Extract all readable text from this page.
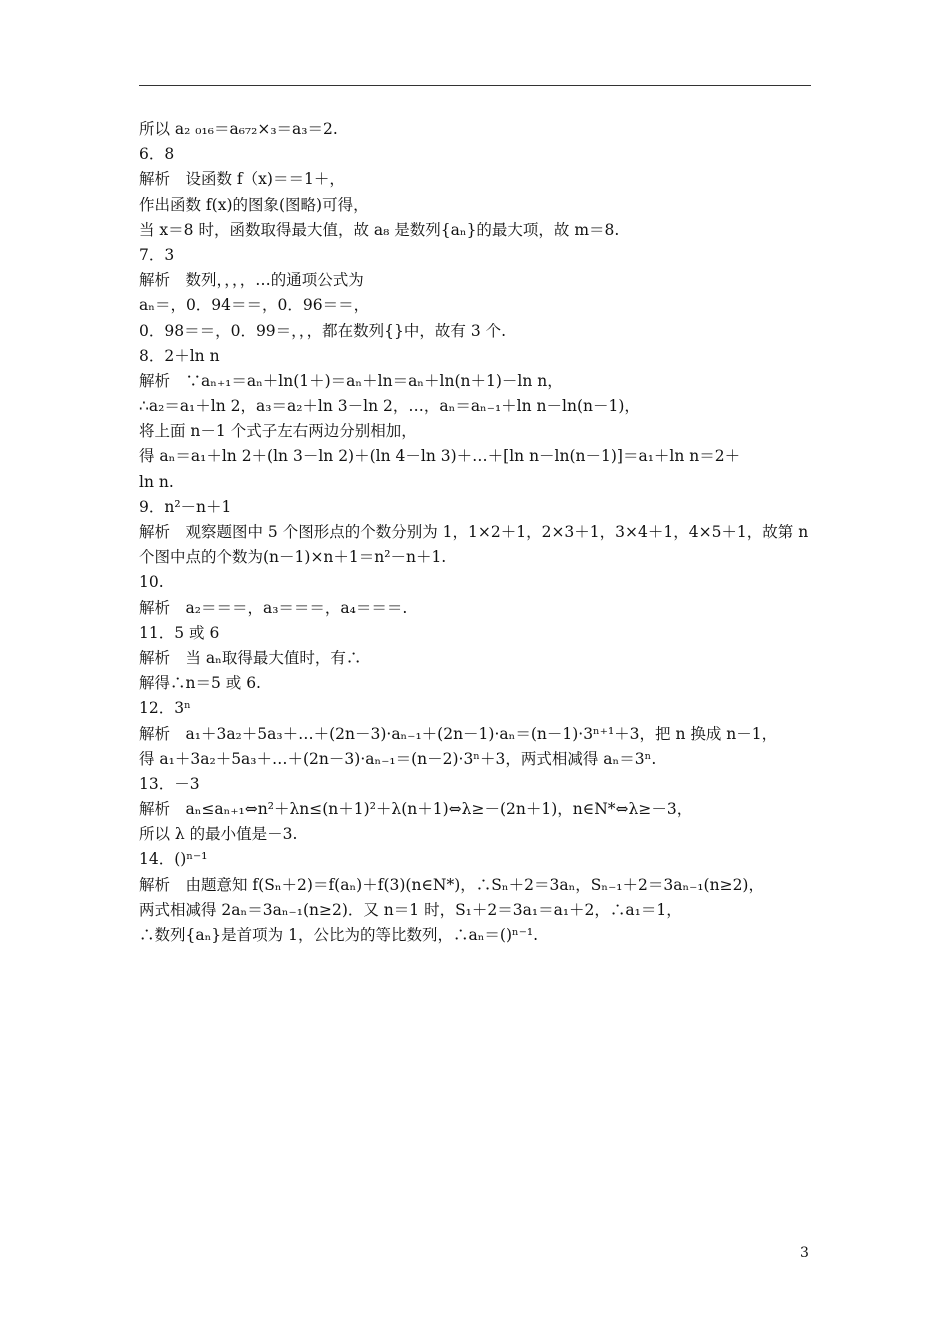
所以 a₂ ₀₁₆＝a₆₇₂×₃＝a₃＝2.
6．8
解析　设函数 f（x)＝＝1＋，
作出函数 f(x)的图象(图略)可得，
当 x＝8 时，函数取得最大值，故 a₈ 是数列{aₙ}的最大项，故 m＝8.
7．3
解析　数列，，，，…的通项公式为
aₙ＝，0．94＝＝，0．96＝＝，
0．98＝＝，0．99＝，，，都在数列{}中，故有 3 个.
8．2＋ln n
解析　∵aₙ₊₁＝aₙ＋ln(1＋)＝aₙ＋ln＝aₙ＋ln(n＋1)－ln n，
∴a₂＝a₁＋ln 2，a₃＝a₂＋ln 3－ln 2，…，aₙ＝aₙ₋₁＋ln n－ln(n－1)，
将上面 n－1 个式子左右两边分别相加，
得 aₙ＝a₁＋ln 2＋(ln 3－ln 2)＋(ln 4－ln 3)＋…＋[ln n－ln(n－1)]＝a₁＋ln n＝2＋
ln n.
9．n²－n＋1
解析　观察题图中 5 个图形点的个数分别为 1，1×2＋1，2×3＋1，3×4＋1，4×5＋1，故第 n
个图中点的个数为(n－1)×n＋1＝n²－n＋1.
10.
解析　a₂＝＝＝，a₃＝＝＝，a₄＝＝＝.
11．5 或 6
解析　当 aₙ取得最大值时，有∴
解得∴n＝5 或 6.
12．3ⁿ
解析　a₁＋3a₂＋5a₃＋…＋(2n－3)·aₙ₋₁＋(2n－1)·aₙ＝(n－1)·3ⁿ⁺¹＋3，把 n 换成 n－1，
得 a₁＋3a₂＋5a₃＋…＋(2n－3)·aₙ₋₁＝(n－2)·3ⁿ＋3，两式相减得 aₙ＝3ⁿ.
13．－3
解析　aₙ≤aₙ₊₁⇔n²＋λn≤(n＋1)²＋λ(n＋1)⇔λ≥－(2n＋1)，n∈N*⇔λ≥－3，
所以 λ 的最小值是－3.
14．()ⁿ⁻¹
解析　由题意知 f(Sₙ＋2)＝f(aₙ)＋f(3)(n∈N*)，∴Sₙ＋2＝3aₙ，Sₙ₋₁＋2＝3aₙ₋₁(n≥2)，
两式相减得 2aₙ＝3aₙ₋₁(n≥2)．又 n＝1 时，S₁＋2＝3a₁＝a₁＋2，∴a₁＝1，
∴数列{aₙ}是首项为 1，公比为的等比数列，∴aₙ＝()ⁿ⁻¹.
3
